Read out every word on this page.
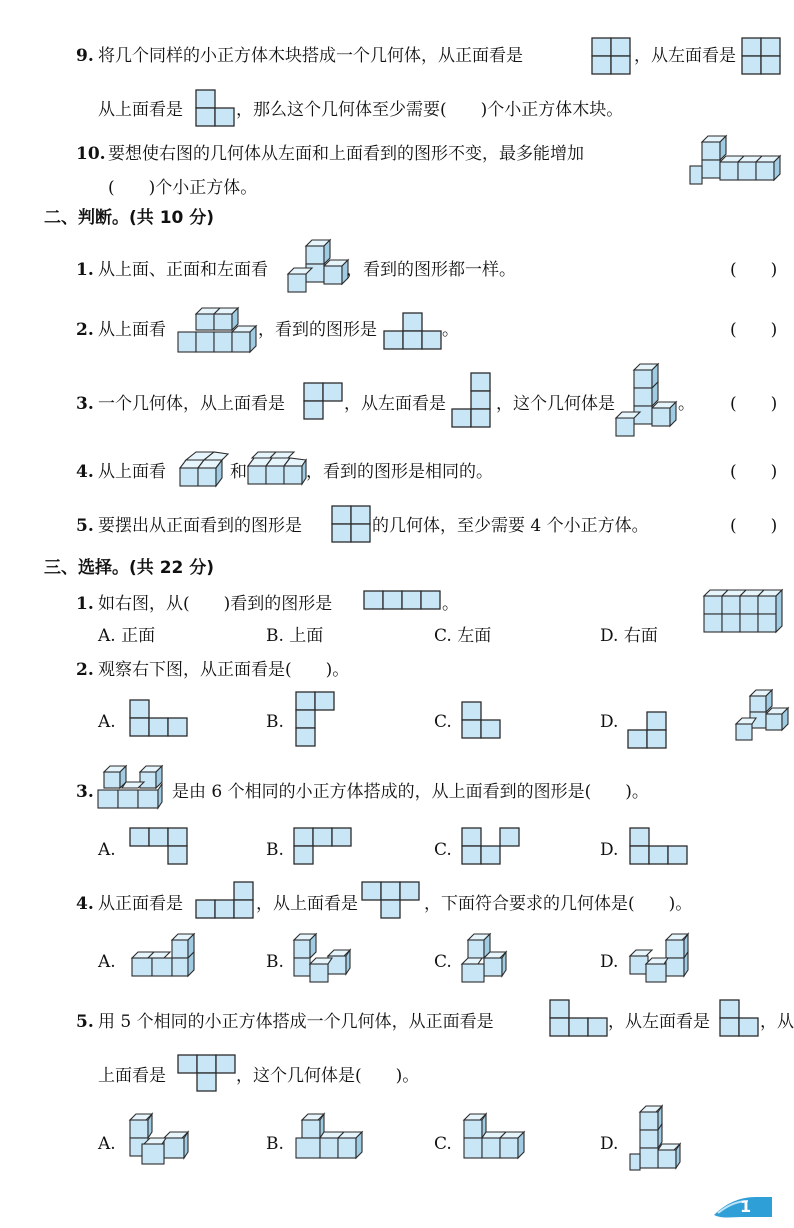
9. 将几个同样的小正方体木块搭成一个几何体，从正面看是	，从左面看是
从上面看是	，那么这个几何体至少需要(　　)个小正方体木块。
10. 要想使右图的几何体从左面和上面看到的图形不变，最多能增加
(　　)个小正方体。
二、判断。(共 10 分)
1. 从上面、正面和左面看	，看到的图形都一样。	(　　)
2. 从上面看	，看到的图形是	。	(　　)
3. 一个几何体，从上面看是	，从左面看是	，这个几何体是	。 (　　)
4. 从上面看	和	，看到的图形是相同的。	(　　)
5. 要摆出从正面看到的图形是	的几何体，至少需要 4 个小正方体。	(　　)
三、选择。(共 22 分)
1. 如右图，从(　　)看到的图形是	。
A. 正面	B. 上面	C. 左面	D. 右面
2. 观察右下图，从正面看是(　　)。
A.	B.	C.	D.
3.	是由 6 个相同的小正方体搭成的，从上面看到的图形是(　　)。
A.	B.	C.	D.
4. 从正面看是	，从上面看是	，下面符合要求的几何体是(　　)。
A.	B.	C.	D.
5. 用 5 个相同的小正方体搭成一个几何体，从正面看是	，从左面看是	，从
上面看是	，这个几何体是(　　)。
A.	B.	C.	D.
1
